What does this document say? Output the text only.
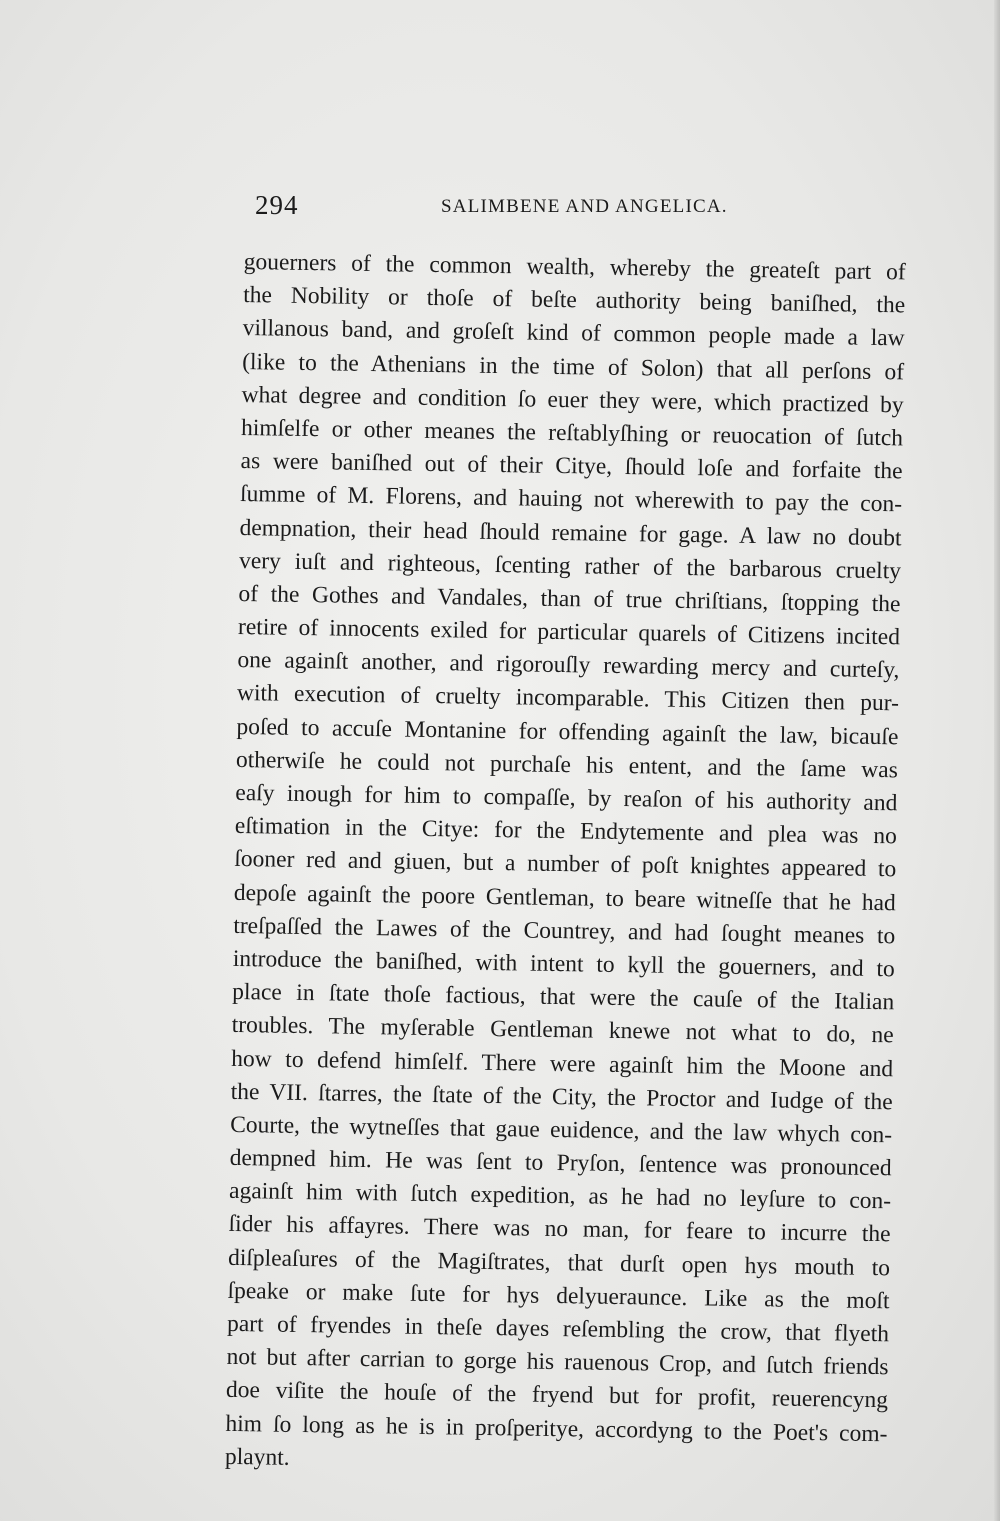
294	SALIMBENE AND ANGELICA.
gouerners of the common wealth, whereby the greateſt part of
the Nobility or thoſe of beſte authority being baniſhed, the
villanous band, and groſeſt kind of common people made a law
(like to the Athenians in the time of Solon) that all perſons of
what degree and condition ſo euer they were, which practized by
himſelfe or other meanes the reſtablyſhing or reuocation of ſutch
as were baniſhed out of their Citye, ſhould loſe and forfaite the
ſumme of M. Florens, and hauing not wherewith to pay the con-
dempnation, their head ſhould remaine for gage. A law no doubt
very iuſt and righteous, ſcenting rather of the barbarous cruelty
of the Gothes and Vandales, than of true chriſtians, ſtopping the
retire of innocents exiled for particular quarels of Citizens incited
one againſt another, and rigorouſly rewarding mercy and curteſy,
with execution of cruelty incomparable. This Citizen then pur-
poſed to accuſe Montanine for offending againſt the law, bicauſe
otherwiſe he could not purchaſe his entent, and the ſame was
eaſy inough for him to compaſſe, by reaſon of his authority and
eſtimation in the Citye: for the Endytemente and plea was no
ſooner red and giuen, but a number of poſt knightes appeared to
depoſe againſt the poore Gentleman, to beare witneſſe that he had
treſpaſſed the Lawes of the Countrey, and had ſought meanes to
introduce the baniſhed, with intent to kyll the gouerners, and to
place in ſtate thoſe factious, that were the cauſe of the Italian
troubles. The myſerable Gentleman knewe not what to do, ne
how to defend himſelf. There were againſt him the Moone and
the VII. ſtarres, the ſtate of the City, the Proctor and Iudge of the
Courte, the wytneſſes that gaue euidence, and the law whych con-
dempned him. He was ſent to Pryſon, ſentence was pronounced
againſt him with ſutch expedition, as he had no leyſure to con-
ſider his affayres. There was no man, for feare to incurre the
diſpleaſures of the Magiſtrates, that durſt open hys mouth to
ſpeake or make ſute for hys delyueraunce. Like as the moſt
part of fryendes in theſe dayes reſembling the crow, that flyeth
not but after carrian to gorge his rauenous Crop, and ſutch friends
doe viſite the houſe of the fryend but for profit, reuerencyng
him ſo long as he is in proſperitye, accordyng to the Poet's com-
playnt.
